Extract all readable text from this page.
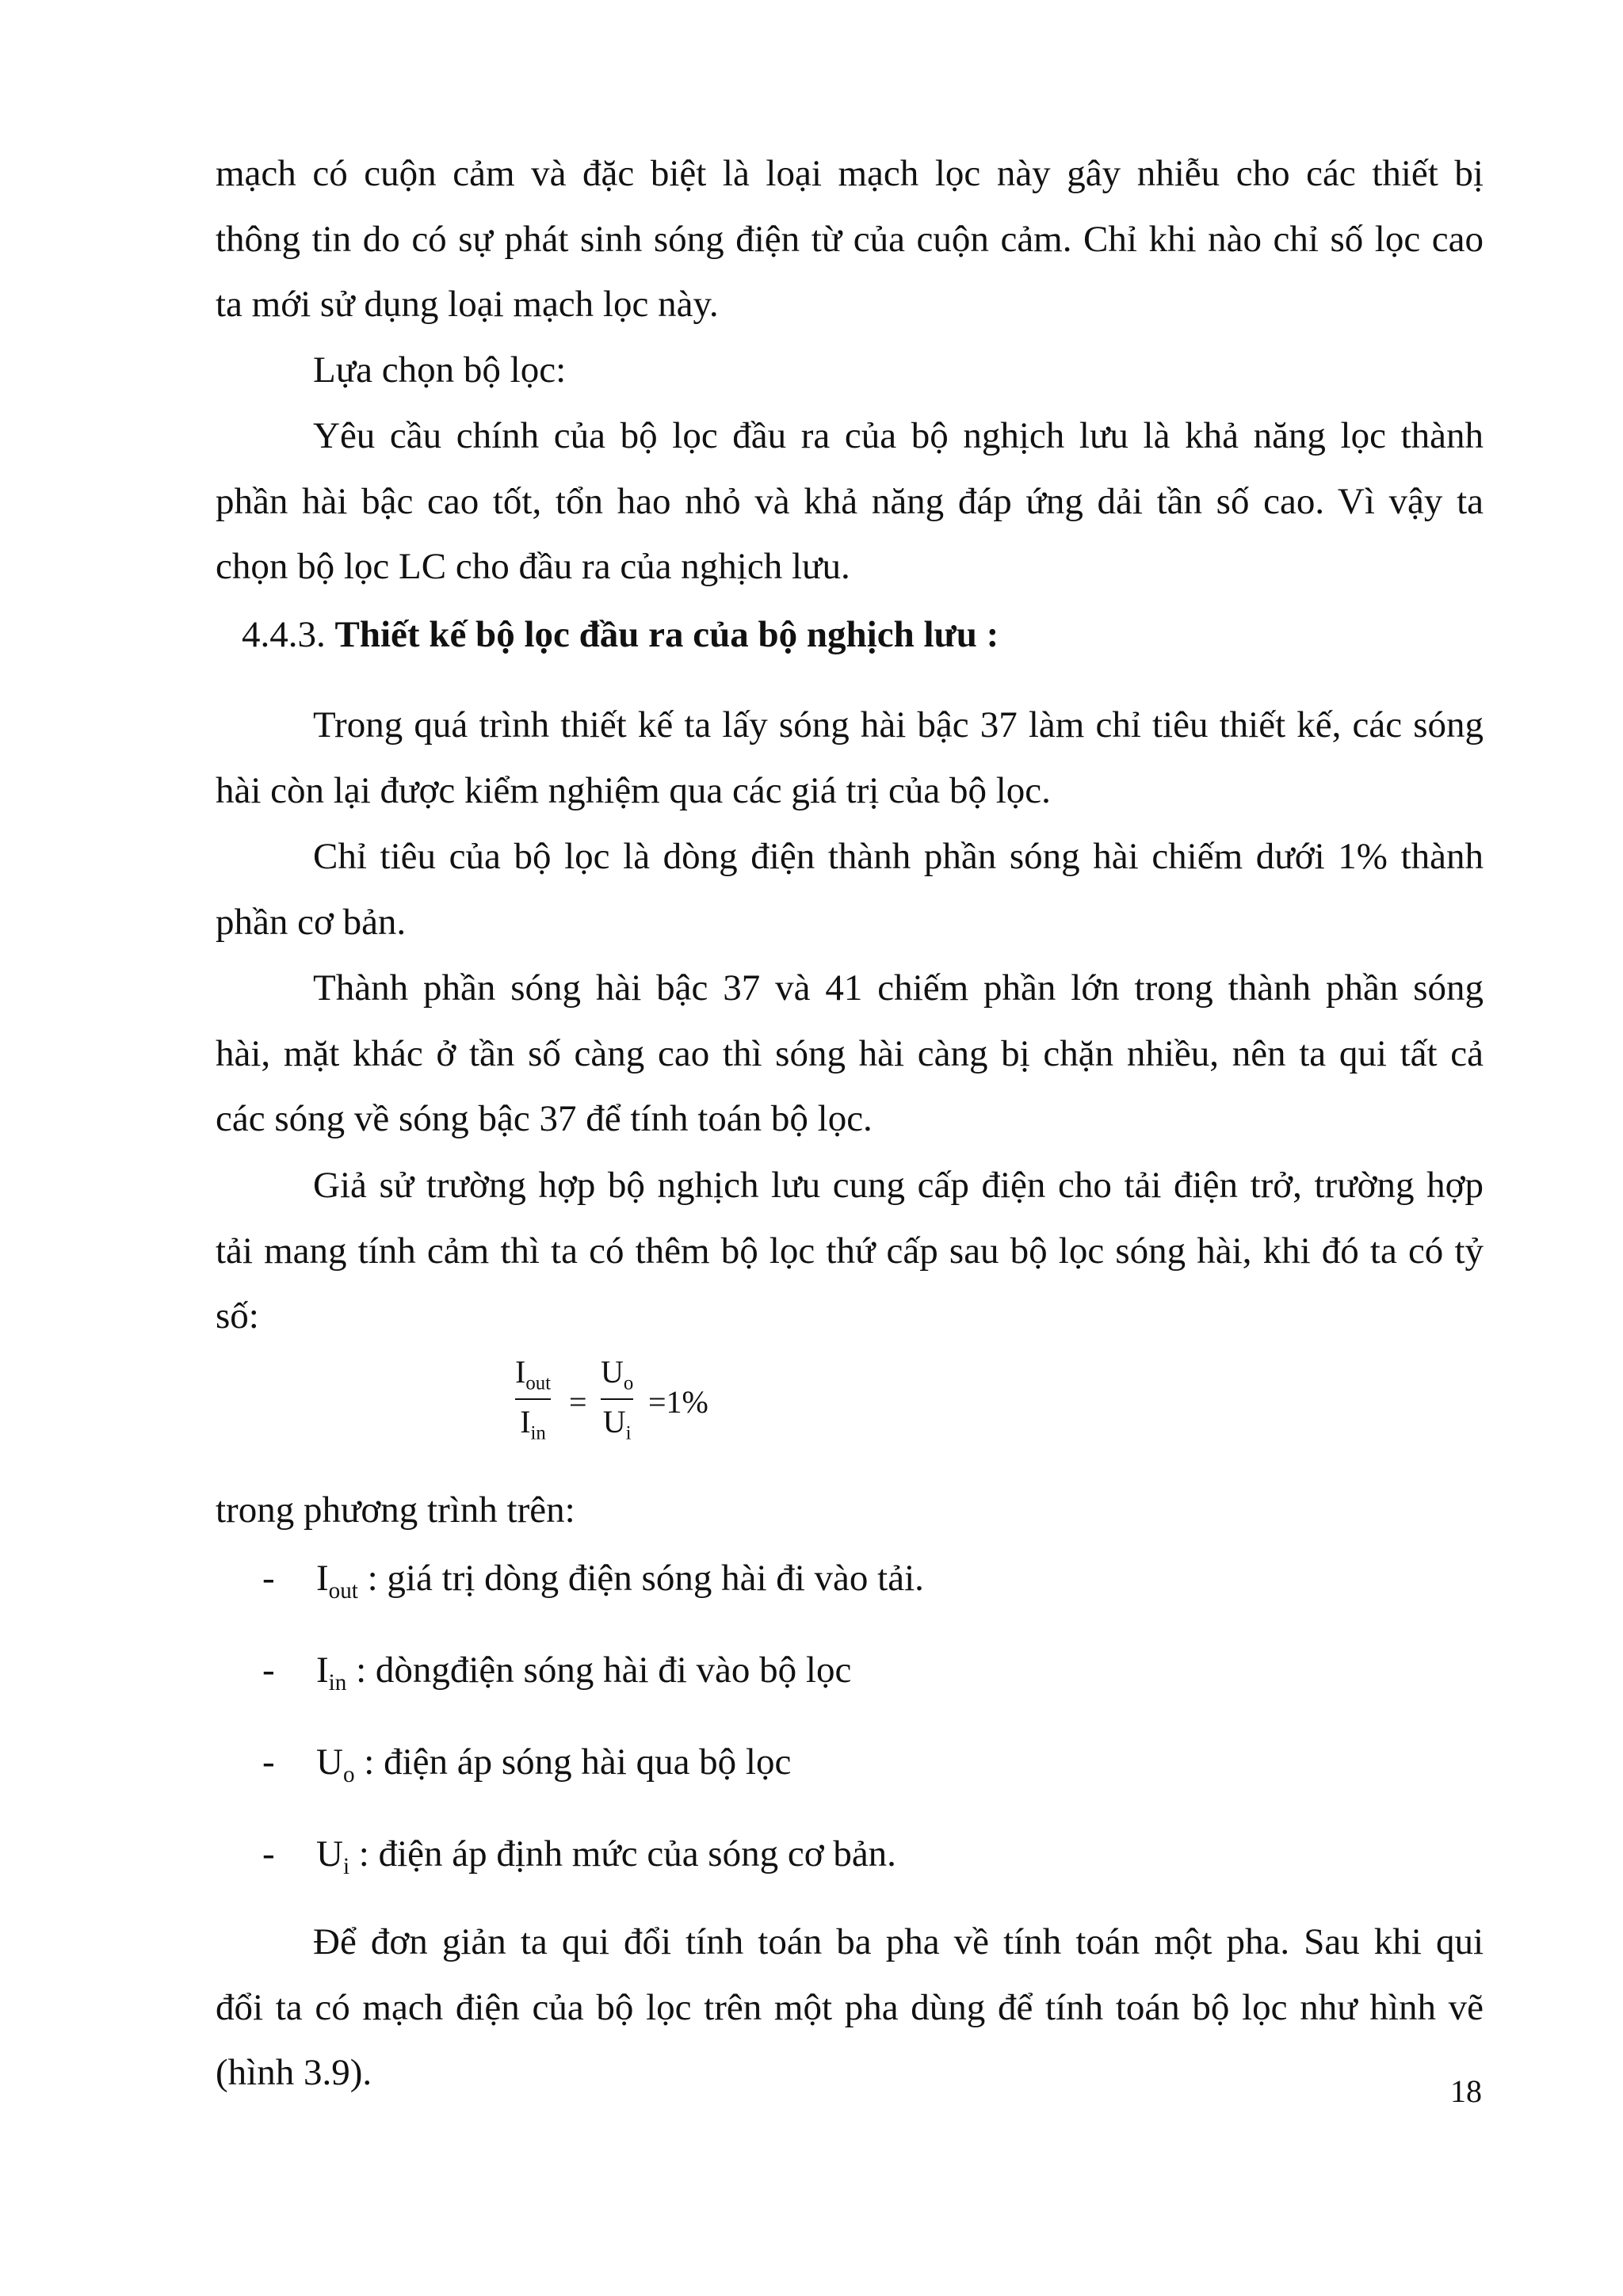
mạch có cuộn cảm và đặc biệt là loại mạch lọc này gây nhiễu cho các thiết bị
thông tin do có sự phát sinh sóng điện từ của cuộn cảm. Chỉ khi nào chỉ số lọc cao
ta mới sử dụng loại mạch lọc này.

Lựa chọn bộ lọc:

Yêu cầu chính của bộ lọc đầu ra của bộ nghịch lưu là khả năng lọc thành
phần hài bậc cao tốt, tổn hao nhỏ và khả năng đáp ứng dải tần số cao. Vì vậy ta
chọn bộ lọc LC cho đầu ra của nghịch lưu.

4.4.3. Thiết kế bộ lọc đầu ra của bộ nghịch lưu :

Trong quá trình thiết kế ta lấy sóng hài bậc 37 làm chỉ tiêu thiết kế, các sóng
hài còn lại được kiểm nghiệm qua các giá trị của bộ lọc.

Chỉ tiêu của bộ lọc là dòng điện thành phần sóng hài chiếm dưới 1% thành
phần cơ bản.

Thành phần sóng hài bậc 37 và 41 chiếm phần lớn trong thành phần sóng
hài, mặt khác ở tần số càng cao thì sóng hài càng bị chặn nhiều, nên ta qui tất cả
các sóng về sóng bậc 37 để tính toán bộ lọc.

Giả sử trường hợp bộ nghịch lưu cung cấp điện cho tải điện trở, trường hợp
tải mang tính cảm thì ta có thêm bộ lọc thứ cấp sau bộ lọc sóng hài, khi đó ta có tỷ
số:

trong phương trình trên:

- $I_{out}$ : giá trị dòng điện sóng hài đi vào tải.
- $I_{in}$ : dòngđiện sóng hài đi vào bộ lọc
- $U_o$ : điện áp sóng hài qua bộ lọc
- $U_i$ : điện áp định mức của sóng cơ bản.

Để đơn giản ta qui đổi tính toán ba pha về tính toán một pha. Sau khi qui
đổi ta có mạch điện của bộ lọc trên một pha dùng để tính toán bộ lọc như hình vẽ
(hình 3.9).

$I_{out}$
$I_{in}$
=
$U_o$
$U_i$
=1%
18
